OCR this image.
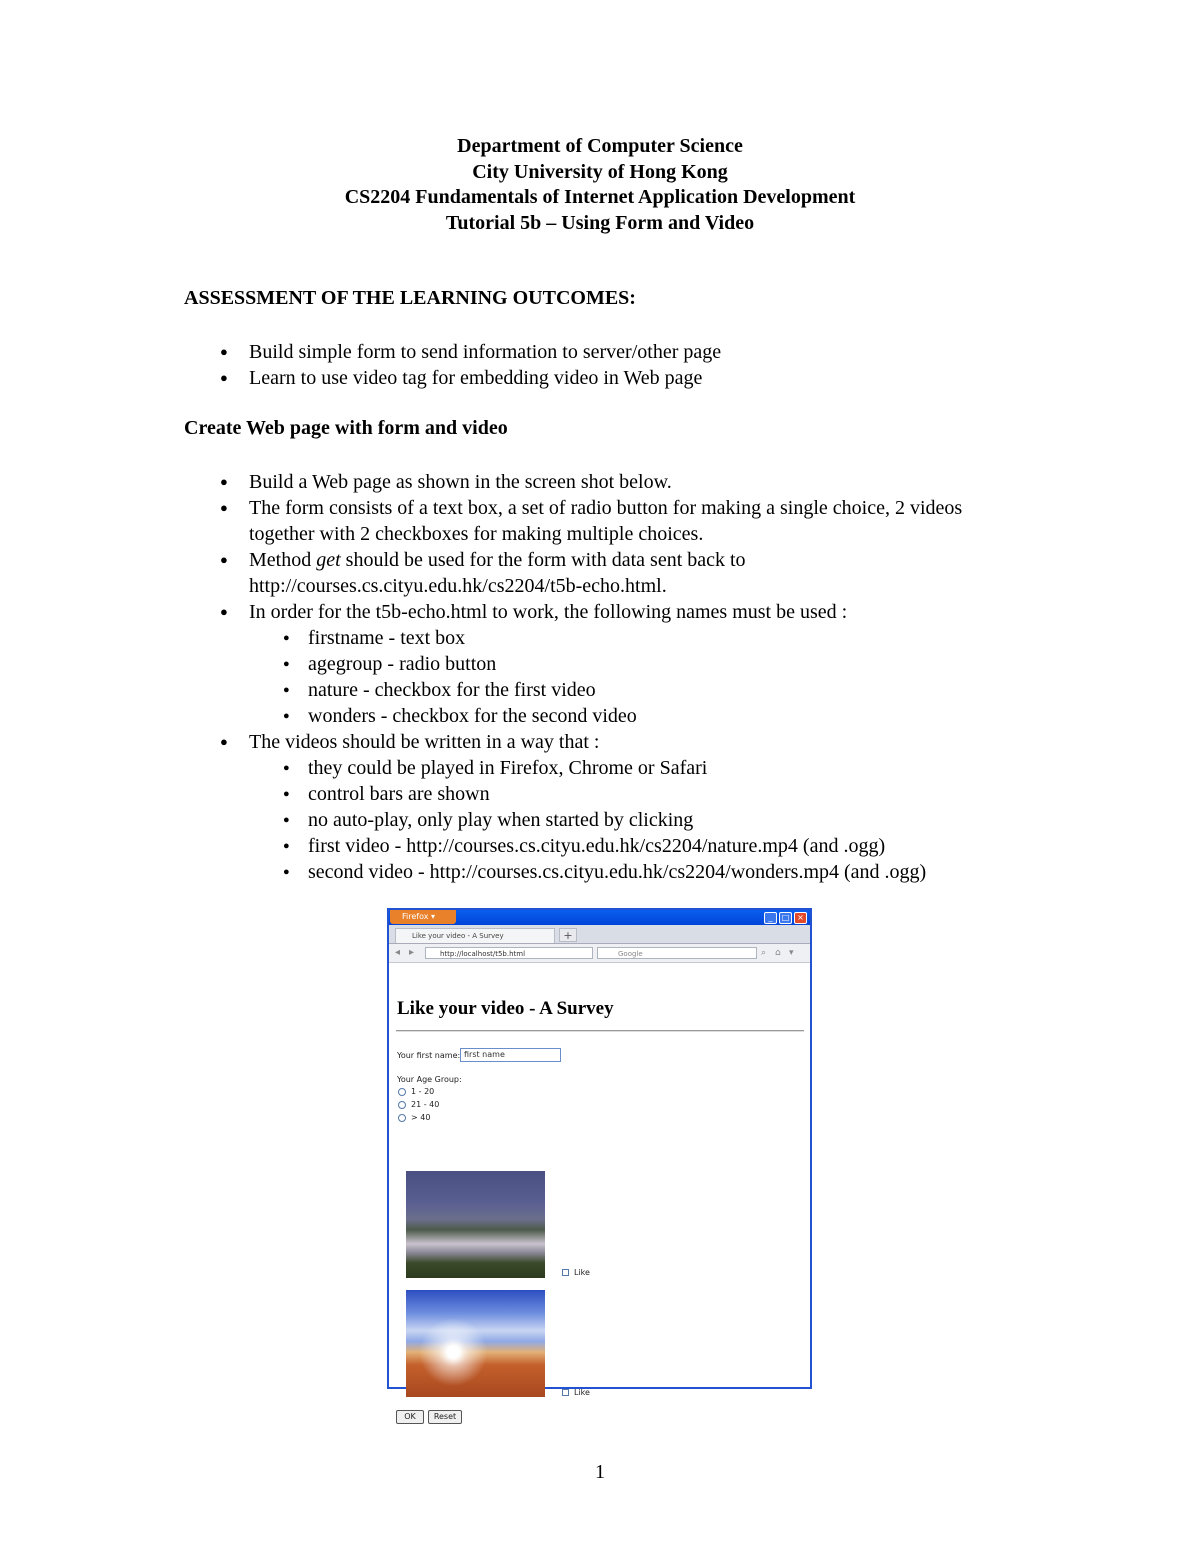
Department of Computer Science
City University of Hong Kong
CS2204 Fundamentals of Internet Application Development
Tutorial 5b – Using Form and Video
ASSESSMENT OF THE LEARNING OUTCOMES:
● Build simple form to send information to server/other page
● Learn to use video tag for embedding video in Web page
Create Web page with form and video
● Build a Web page as shown in the screen shot below.
● The form consists of a text box, a set of radio button for making a single choice, 2 videos together with 2 checkboxes for making multiple choices.
● Method get should be used for the form with data sent back to http://courses.cs.cityu.edu.hk/cs2204/t5b-echo.html.
● In order for the t5b-echo.html to work, the following names must be used :
● firstname - text box
● agegroup - radio button
● nature - checkbox for the first video
● wonders - checkbox for the second video
● The videos should be written in a way that :
● they could be played in Firefox, Chrome or Safari
● control bars are shown
● no auto-play, only play when started by clicking
● first video - http://courses.cs.cityu.edu.hk/cs2204/nature.mp4 (and .ogg)
● second video - http://courses.cs.cityu.edu.hk/cs2204/wonders.mp4 (and .ogg)
Firefox ▾	_	□ ×
Like your video - A Survey	+
◂ ▸	http://localhost/t5b.html	Google	⌕ ⌂ ▾
Like your video - A Survey
Your first name: first name
Your Age Group:
1 - 20
21 - 40
> 40
Like
Like
OK	Reset
1
